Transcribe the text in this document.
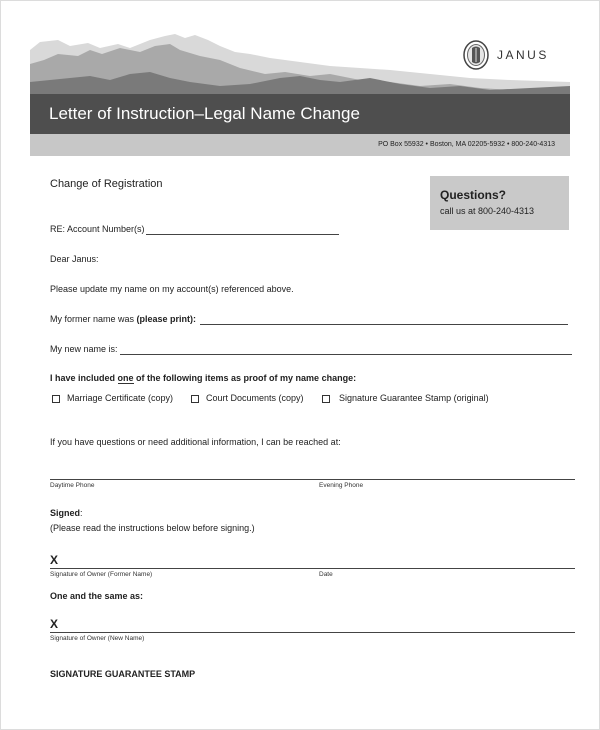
JANUS
Letter of Instruction–Legal Name Change
PO Box 55932 • Boston, MA 02205-5932 • 800-240-4313
Questions?
call us at 800-240-4313
Change of Registration
RE: Account Number(s)
Dear Janus:
Please update my name on my account(s) referenced above.
My former name was (please print):
My new name is:
I have included one of the following items as proof of my name change:
Marriage Certificate (copy)	Court Documents (copy)	Signature Guarantee Stamp (original)
If you have questions or need additional information, I can be reached at:
Daytime Phone	Evening Phone
Signed:
(Please read the instructions below before signing.)
X
Signature of Owner (Former Name)	Date
One and the same as:
X
Signature of Owner (New Name)
SIGNATURE GUARANTEE STAMP
